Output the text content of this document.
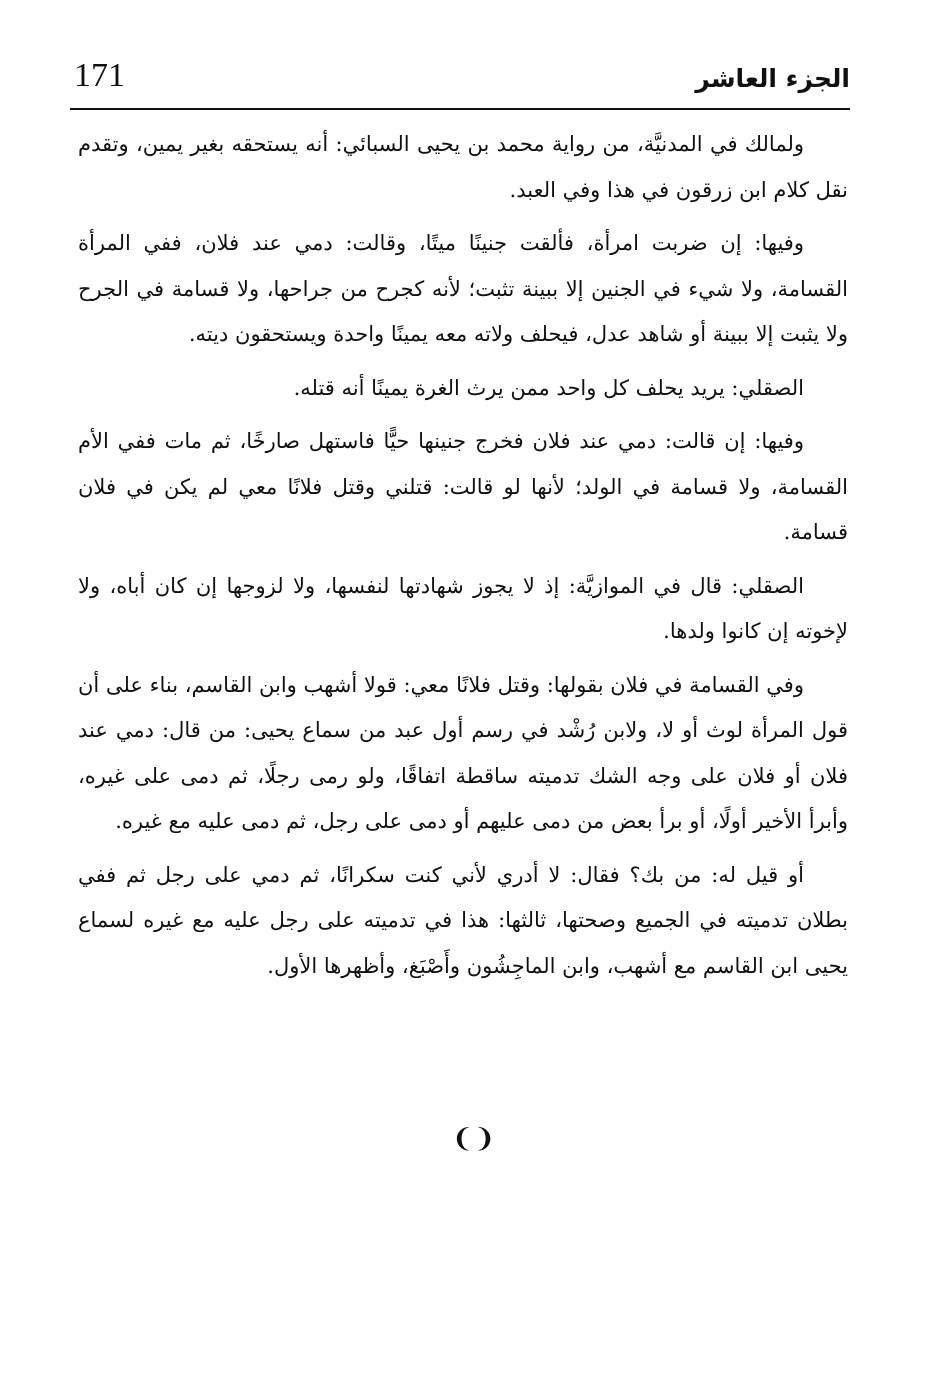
171	الجزء العاشر

ولمالك في المدنيَّة، من رواية محمد بن يحيى السبائي: أنه يستحقه بغير يمين، وتقدم نقل كلام ابن زرقون في هذا وفي العبد.

وفيها: إن ضربت امرأة، فألقت جنينًا ميتًا، وقالت: دمي عند فلان، ففي المرأة القسامة، ولا شيء في الجنين إلا ببينة تثبت؛ لأنه كجرح من جراحها، ولا قسامة في الجرح ولا يثبت إلا ببينة أو شاهد عدل، فيحلف ولاته معه يمينًا واحدة ويستحقون ديته.

الصقلي: يريد يحلف كل واحد ممن يرث الغرة يمينًا أنه قتله.

وفيها: إن قالت: دمي عند فلان فخرج جنينها حيًّا فاستهل صارخًا، ثم مات ففي الأم القسامة، ولا قسامة في الولد؛ لأنها لو قالت: قتلني وقتل فلانًا معي لم يكن في فلان قسامة.

الصقلي: قال في الموازيَّة: إذ لا يجوز شهادتها لنفسها، ولا لزوجها إن كان أباه، ولا لإخوته إن كانوا ولدها.

وفي القسامة في فلان بقولها: وقتل فلانًا معي: قولا أشهب وابن القاسم، بناء على أن قول المرأة لوث أو لا، ولابن رُشْد في رسم أول عبد من سماع يحيى: من قال: دمي عند فلان أو فلان على وجه الشك تدميته ساقطة اتفاقًا، ولو رمى رجلًا، ثم دمى على غيره، وأبرأ الأخير أولًا، أو برأ بعض من دمى عليهم أو دمى على رجل، ثم دمى عليه مع غيره.

أو قيل له: من بك؟ فقال: لا أدري لأني كنت سكرانًا، ثم دمي على رجل ثم ففي بطلان تدميته في الجميع وصحتها، ثالثها: هذا في تدميته على رجل عليه مع غيره لسماع يحيى ابن القاسم مع أشهب، وابن الماجِشُون وأَصْبَغ، وأظهرها الأول.

❨❩
